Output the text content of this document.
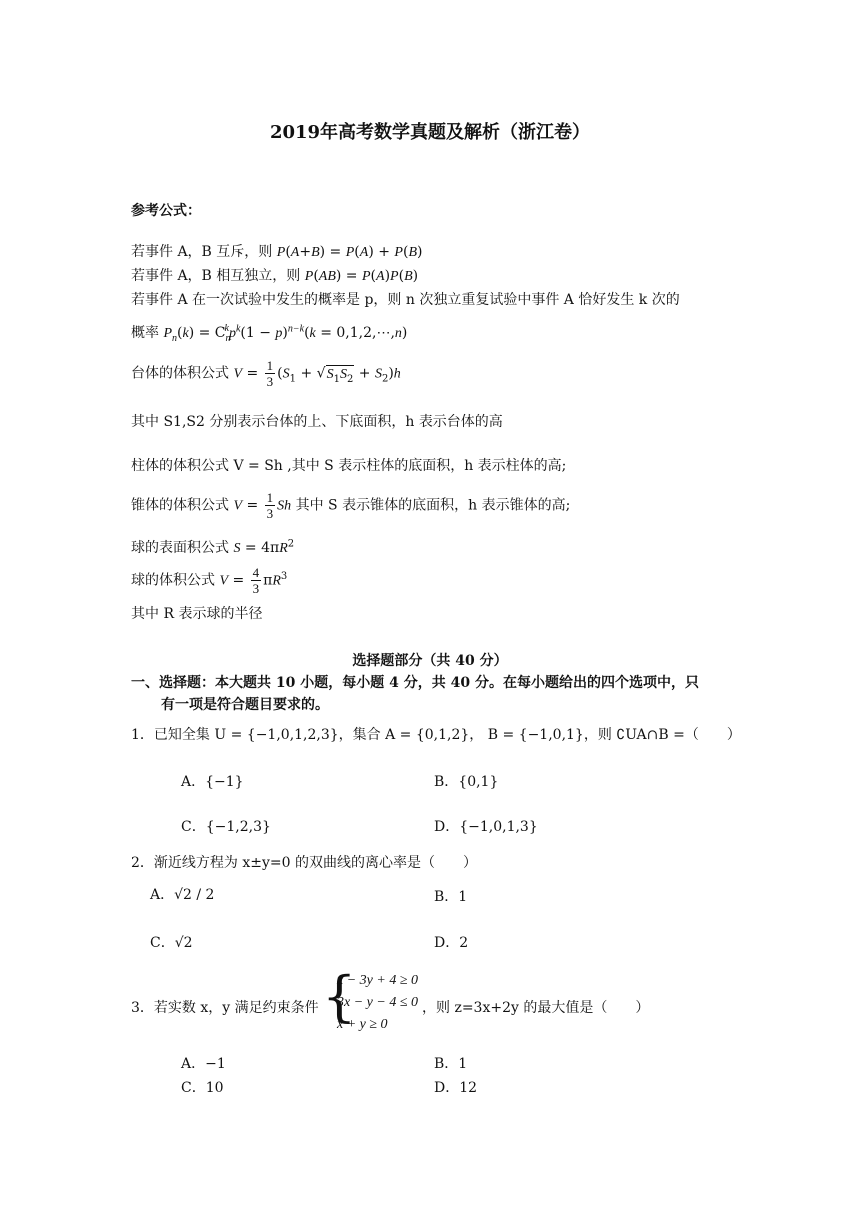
2019年高考数学真题及解析（浙江卷）
参考公式：
若事件 A，B 互斥，则 P(A+B) = P(A) + P(B)
若事件 A，B 相互独立，则 P(AB) = P(A)P(B)
若事件 A 在一次试验中发生的概率是 p，则 n 次独立重复试验中事件 A 恰好发生 k 次的
概率 $P_n(k) = C_n^kp^k(1 - p)^{n-k}(k$ = 0,1,2,⋯,n)
台体的体积公式 $V = \frac{1}{3} (S_1 + √S_1S_2 + S_2)h$
其中 S1,S2 分别表示台体的上、下底面积，h 表示台体的高
柱体的体积公式 V = Sh ,其中 S 表示柱体的底面积，h 表示柱体的高;
锥体的体积公式 $V = \frac{1}{3}$ Sh 其中 S 表示锥体的底面积，h 表示锥体的高;
球的表面积公式 $S = 4\pi R^2$
球的体积公式 $V = \frac{4}{3} \pi R^3$
其中 R 表示球的半径
选择题部分（共 40 分）
一、选择题：本大题共 10 小题，每小题 4 分，共 40 分。在每小题给出的四个选项中，只
有一项是符合题目要求的。
1．已知全集 U = {−1,0,1,2,3}，集合 A = {0,1,2}， B = {−1,0,1}，则 ∁UA∩B =（　　）
A．{−1}	B．{0,1}
C．{−1,2,3}	D．{−1,0,1,3}
2．渐近线方程为 x±y=0 的双曲线的离心率是（　　）
A．√2 / 2	B．1
C．√2	D．2
3．若实数 x，y 满足约束条件 {
x − 3y + 4 ≥ 0
3x − y − 4 ≤ 0
x + y ≥ 0
，则 z=3x+2y 的最大值是（　　）
A．−1	B．1
C．10	D．12
